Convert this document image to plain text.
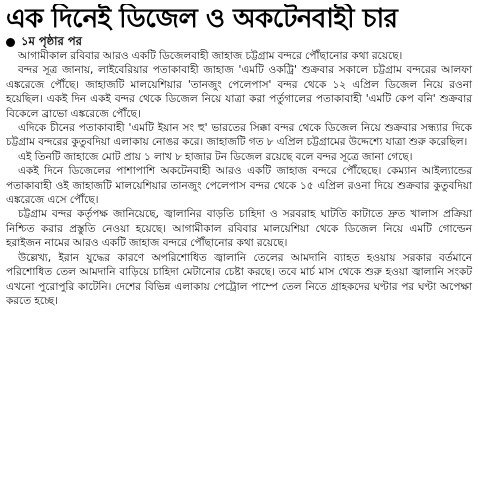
এক দিনেই ডিজেল ও অকটেনবাহী চার
১ম পৃষ্ঠার পর

আগামীকাল রবিবার আরও একটি ডিজেলবাহী জাহাজ চট্টগ্রাম বন্দরে পৌঁছানোর কথা রয়েছে।

বন্দর সূত্র জানায়, লাইবেরিয়ার পতাকাবাহী জাহাজ 'এমটি ওকট্রি' শুক্রবার সকালে চট্টগ্রাম বন্দরের আলফা এঙ্করেজে পৌঁছে। জাহাজটি মালয়েশিয়ার 'তানজুং পেলেপাস' বন্দর থেকে ১২ এপ্রিল ডিজেল নিয়ে রওনা হয়েছিল। একই দিন একই বন্দর থেকে ডিজেল নিয়ে যাত্রা করা পর্তুগালের পতাকাবাহী 'এমটি কেপ বনি' শুক্রবার বিকেলে ব্রাভো এঙ্করেজে পৌঁছে।

এদিকে চীনের পতাকাবাহী 'এমটি ইয়ান সং হু' ভারতের সিক্কা বন্দর থেকে ডিজেল নিয়ে শুক্রবার সন্ধ্যার দিকে চট্টগ্রাম বন্দরের কুতুবদিয়া এলাকায় নোঙর করে। জাহাজটি গত ৮ এপ্রিল চট্টগ্রামের উদ্দেশ্যে যাত্রা শুরু করেছিল।

এই তিনটি জাহাজে মোট প্রায় ১ লাখ ৮ হাজার টন ডিজেল রয়েছে বলে বন্দর সূত্রে জানা গেছে।

একই দিনে ডিজেলের পাশাপাশি অকটেনবাহী আরও একটি জাহাজ বন্দরে পৌঁছেছে। কেম্যান আইল্যান্ডের পতাকাবাহী ওই জাহাজটি মালয়েশিয়ার তানজুং পেলেপাস বন্দর থেকে ১৫ এপ্রিল রওনা দিয়ে শুক্রবার কুতুবদিয়া এঙ্করেজে এসে পৌঁছে।

চট্টগ্রাম বন্দর কর্তৃপক্ষ জানিয়েছে, জ্বালানির বাড়তি চাহিদা ও সরবরাহ ঘাটতি কাটাতে দ্রুত খালাস প্রক্রিয়া নিশ্চিত করার প্রস্তুতি নেওয়া হয়েছে। আগামীকাল রবিবার মালয়েশিয়া থেকে ডিজেল নিয়ে এমটি গোল্ডেন হরাইজন নামের আরও একটি জাহাজ বন্দরে পৌঁছানোর কথা রয়েছে।

উল্লেখ্য, ইরান যুদ্ধের কারণে অপরিশোধিত জ্বালানি তেলের আমদানি ব্যাহত হওয়ায় সরকার বর্তমানে পরিশোধিত তেল আমদানি বাড়িয়ে চাহিদা মেটানোর চেষ্টা করছে। তবে মার্চ মাস থেকে শুরু হওয়া জ্বালানি সংকট এখনো পুরোপুরি কাটেনি। দেশের বিভিন্ন এলাকায় পেট্রোল পাম্পে তেল নিতে গ্রাহকদের ঘণ্টার পর ঘণ্টা অপেক্ষা করতে হচ্ছে।
